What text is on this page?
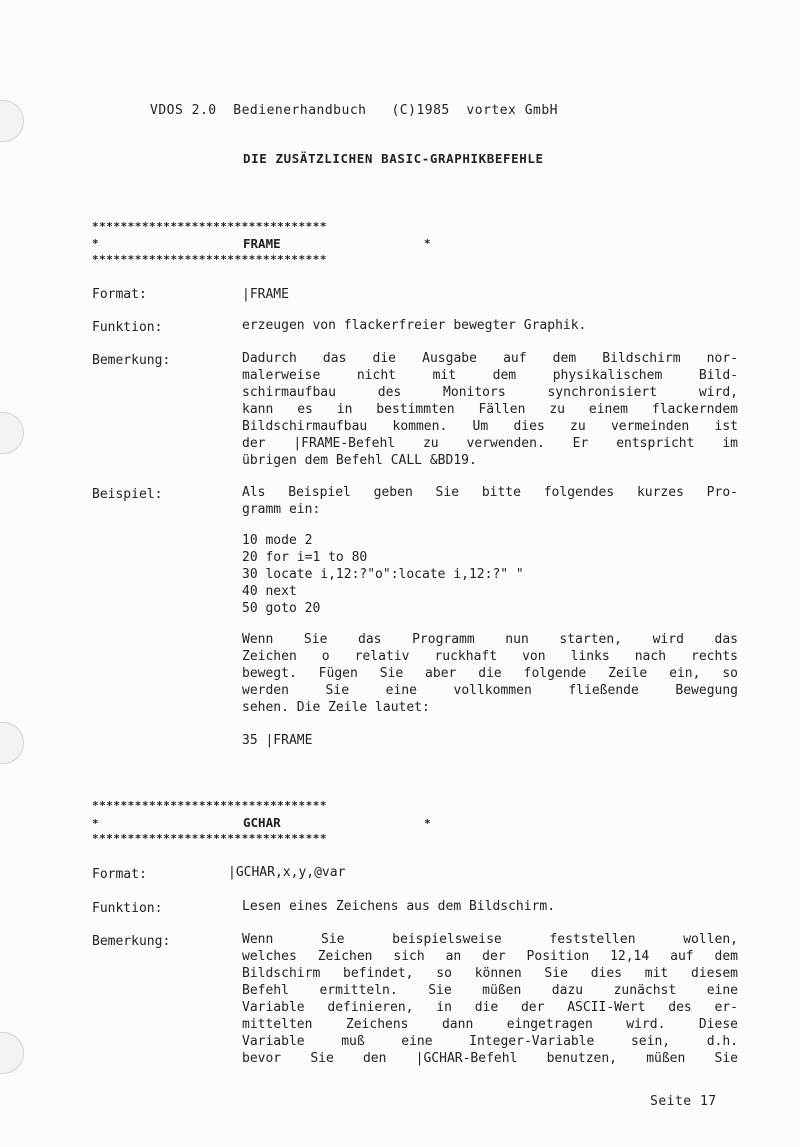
VDOS 2.0  Bedienerhandbuch   (C)1985  vortex GmbH
DIE ZUSÄTZLICHEN BASIC-GRAPHIKBEFEHLE
*********************************
*	FRAME	*
*********************************
Format:	|FRAME
Funktion:	erzeugen von flackerfreier bewegter Graphik.
Bemerkung:	Dadurch das die Ausgabe auf dem Bildschirm nor-
malerweise nicht mit dem physikalischem Bild-
schirmaufbau des Monitors synchronisiert wird,
kann es in bestimmten Fällen zu einem flackerndem
Bildschirmaufbau kommen. Um dies zu vermeinden ist
der |FRAME-Befehl zu verwenden. Er entspricht im
übrigen dem Befehl CALL &BD19.
Beispiel:	Als Beispiel geben Sie bitte folgendes kurzes Pro-
gramm ein:
10 mode 2
20 for i=1 to 80
30 locate i,12:?"o":locate i,12:?" "
40 next
50 goto 20
Wenn Sie das Programm nun starten, wird das
Zeichen o relativ ruckhaft von links nach rechts
bewegt. Fügen Sie aber die folgende Zeile ein, so
werden Sie eine vollkommen fließende Bewegung
sehen. Die Zeile lautet:
35 |FRAME
*********************************
*	GCHAR	*
*********************************
Format:	|GCHAR,x,y,@var
Funktion:	Lesen eines Zeichens aus dem Bildschirm.
Bemerkung:	Wenn Sie beispielsweise feststellen wollen,
welches Zeichen sich an der Position 12,14 auf dem
Bildschirm befindet, so können Sie dies mit diesem
Befehl ermitteln. Sie müßen dazu zunächst eine
Variable definieren, in die der ASCII-Wert des er-
mittelten Zeichens dann eingetragen wird. Diese
Variable muß eine Integer-Variable sein, d.h.
bevor Sie den |GCHAR-Befehl benutzen, müßen Sie
Seite 17
